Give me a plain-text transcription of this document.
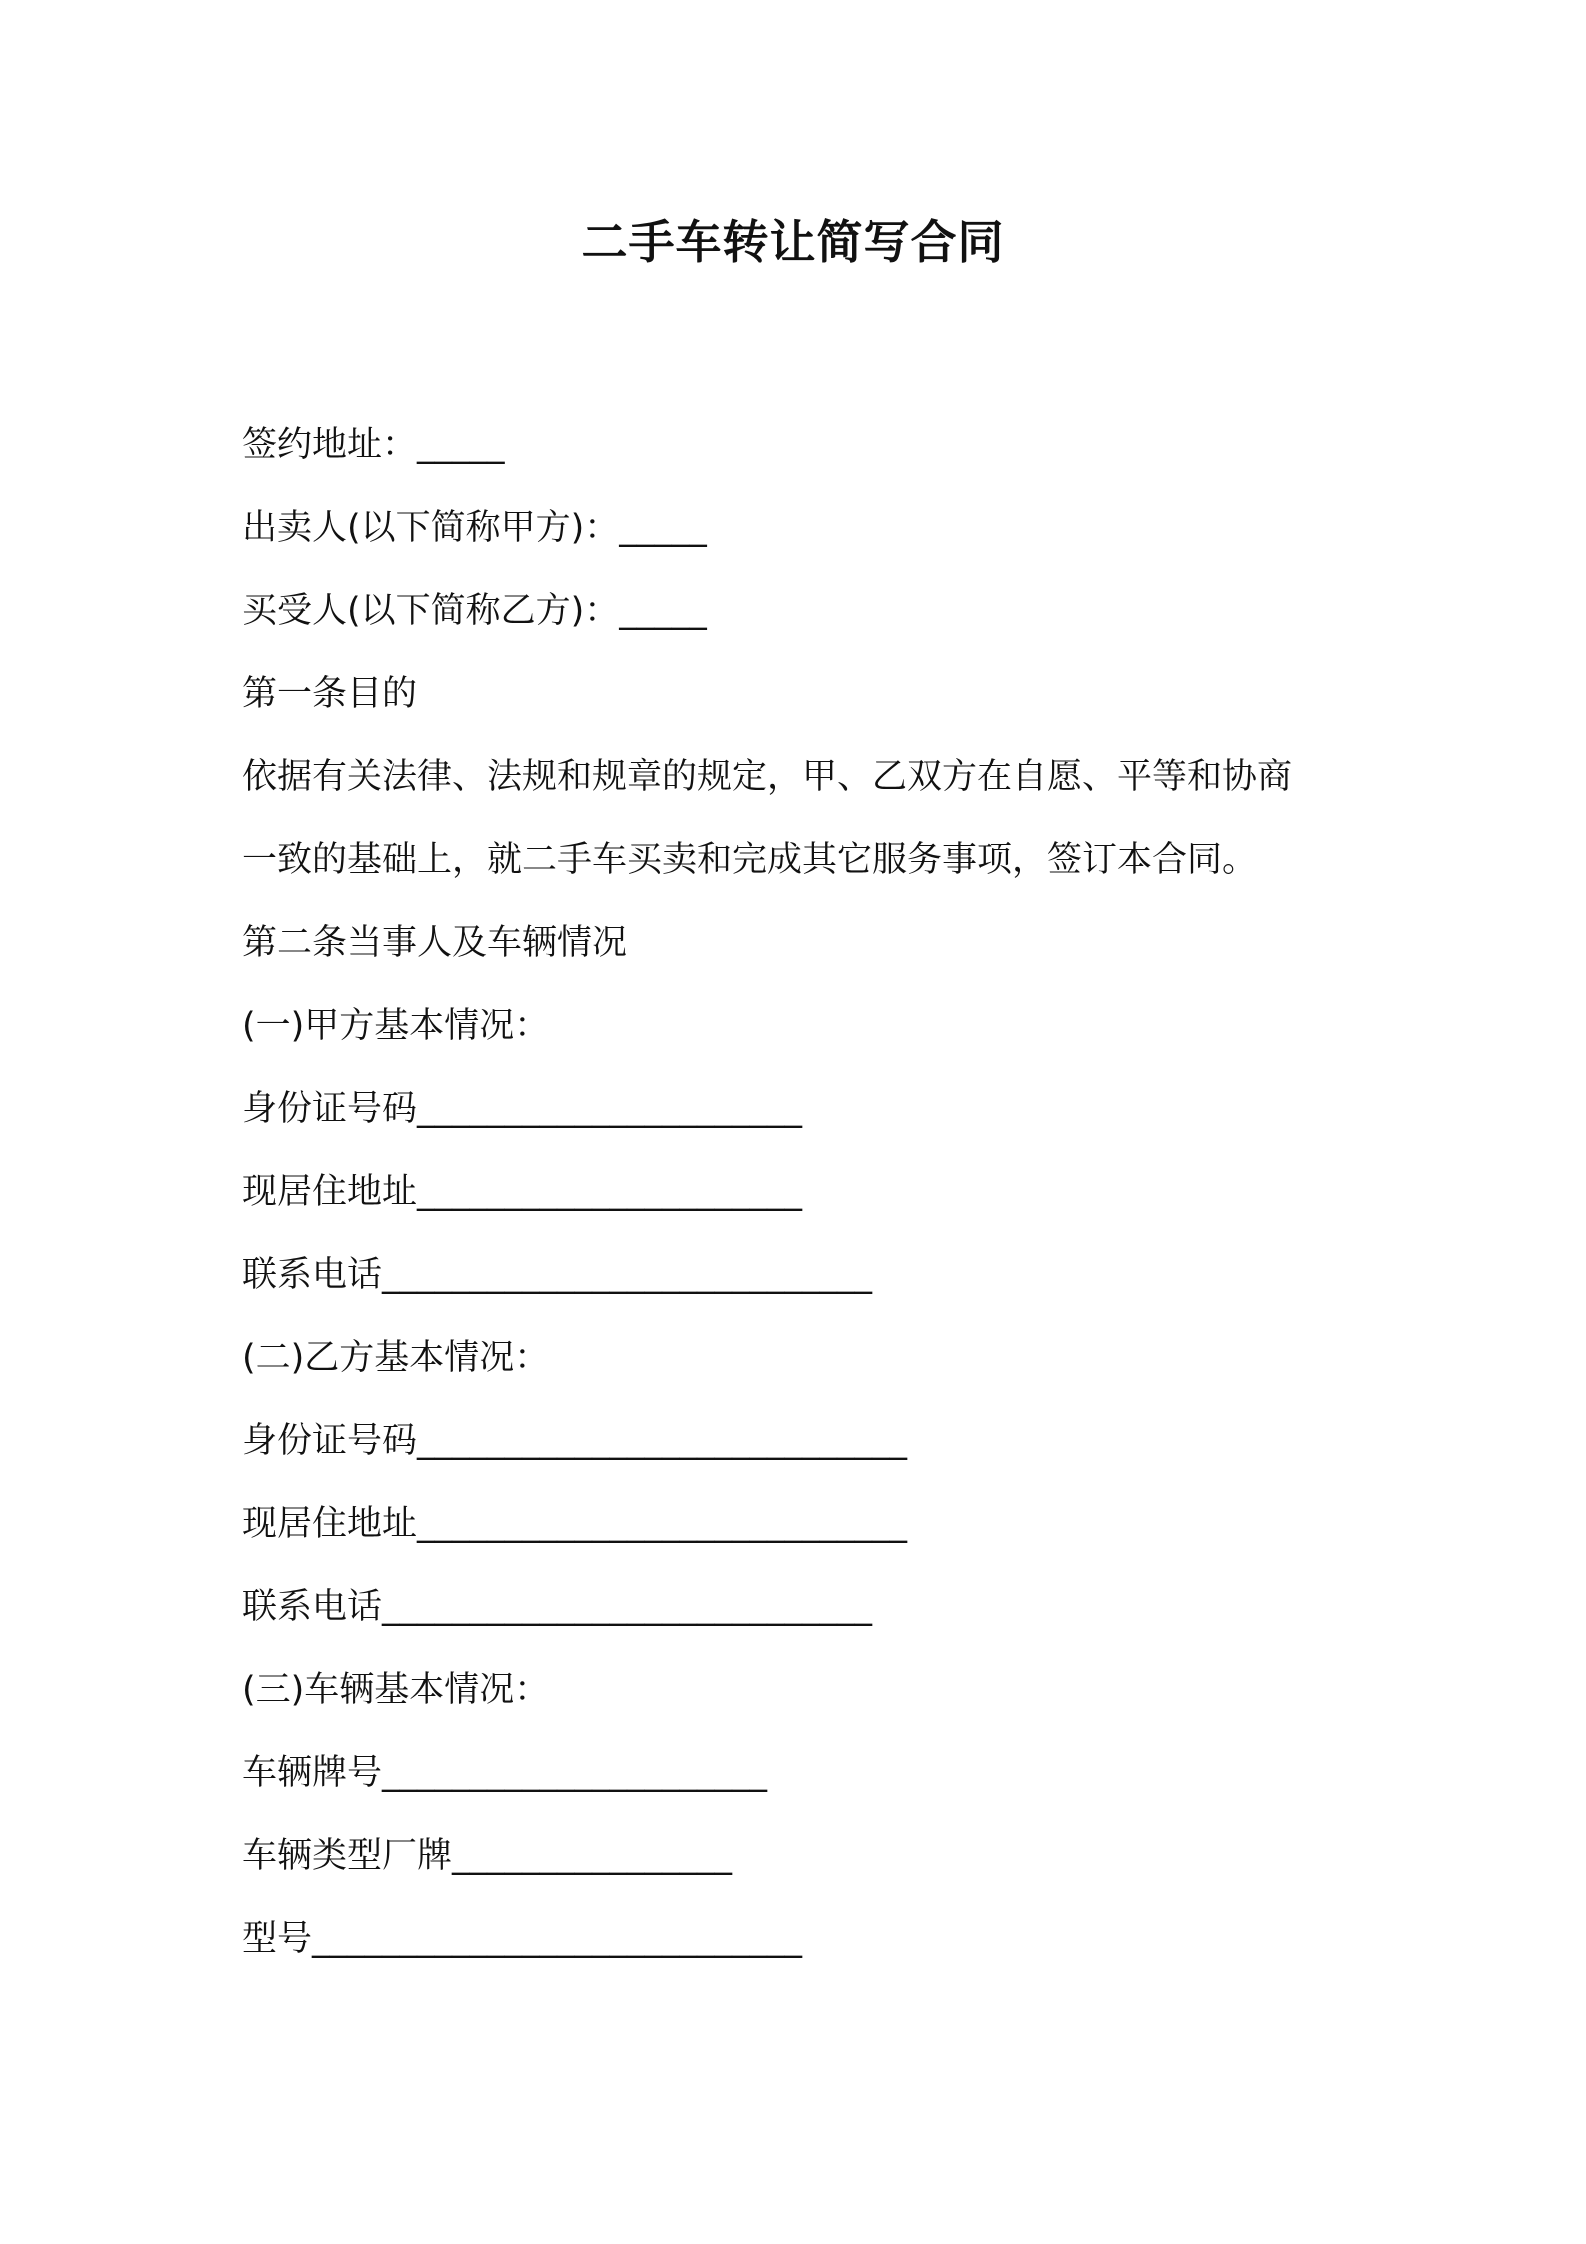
二手车转让简写合同

签约地址：_____

出卖人(以下简称甲方)：_____

买受人(以下简称乙方)：_____

第一条目的

依据有关法律、法规和规章的规定，甲、乙双方在自愿、平等和协商

一致的基础上，就二手车买卖和完成其它服务事项，签订本合同。

第二条当事人及车辆情况

(一)甲方基本情况：

身份证号码______________________

现居住地址______________________

联系电话____________________________

(二)乙方基本情况：

身份证号码____________________________

现居住地址____________________________

联系电话____________________________

(三)车辆基本情况：

车辆牌号______________________

车辆类型厂牌________________

型号____________________________
